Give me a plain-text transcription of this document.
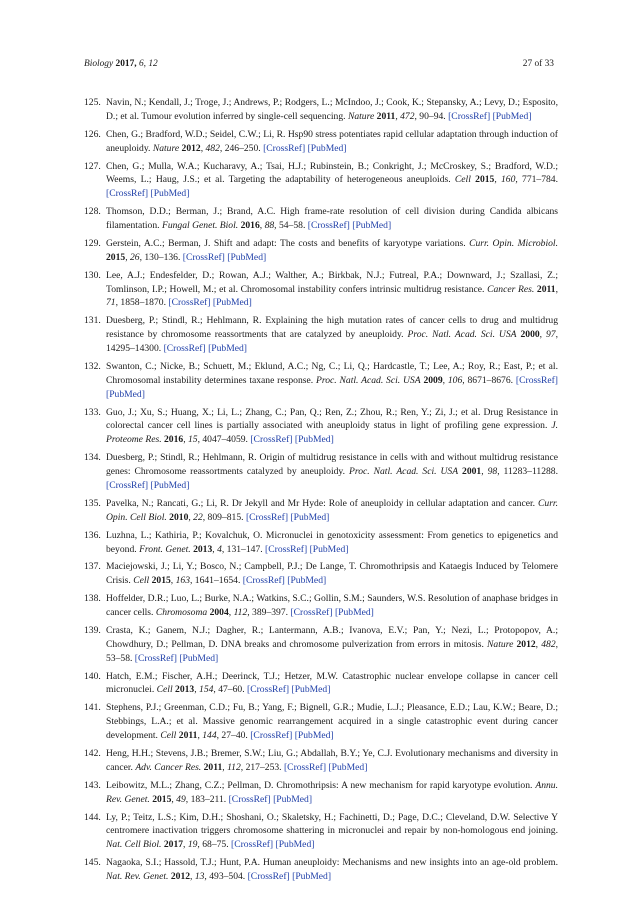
Biology 2017, 6, 12	27 of 33
125. Navin, N.; Kendall, J.; Troge, J.; Andrews, P.; Rodgers, L.; McIndoo, J.; Cook, K.; Stepansky, A.; Levy, D.; Esposito, D.; et al. Tumour evolution inferred by single-cell sequencing. Nature 2011, 472, 90–94. [CrossRef] [PubMed]
126. Chen, G.; Bradford, W.D.; Seidel, C.W.; Li, R. Hsp90 stress potentiates rapid cellular adaptation through induction of aneuploidy. Nature 2012, 482, 246–250. [CrossRef] [PubMed]
127. Chen, G.; Mulla, W.A.; Kucharavy, A.; Tsai, H.J.; Rubinstein, B.; Conkright, J.; McCroskey, S.; Bradford, W.D.; Weems, L.; Haug, J.S.; et al. Targeting the adaptability of heterogeneous aneuploids. Cell 2015, 160, 771–784. [CrossRef] [PubMed]
128. Thomson, D.D.; Berman, J.; Brand, A.C. High frame-rate resolution of cell division during Candida albicans filamentation. Fungal Genet. Biol. 2016, 88, 54–58. [CrossRef] [PubMed]
129. Gerstein, A.C.; Berman, J. Shift and adapt: The costs and benefits of karyotype variations. Curr. Opin. Microbiol. 2015, 26, 130–136. [CrossRef] [PubMed]
130. Lee, A.J.; Endesfelder, D.; Rowan, A.J.; Walther, A.; Birkbak, N.J.; Futreal, P.A.; Downward, J.; Szallasi, Z.; Tomlinson, I.P.; Howell, M.; et al. Chromosomal instability confers intrinsic multidrug resistance. Cancer Res. 2011, 71, 1858–1870. [CrossRef] [PubMed]
131. Duesberg, P.; Stindl, R.; Hehlmann, R. Explaining the high mutation rates of cancer cells to drug and multidrug resistance by chromosome reassortments that are catalyzed by aneuploidy. Proc. Natl. Acad. Sci. USA 2000, 97, 14295–14300. [CrossRef] [PubMed]
132. Swanton, C.; Nicke, B.; Schuett, M.; Eklund, A.C.; Ng, C.; Li, Q.; Hardcastle, T.; Lee, A.; Roy, R.; East, P.; et al. Chromosomal instability determines taxane response. Proc. Natl. Acad. Sci. USA 2009, 106, 8671–8676. [CrossRef] [PubMed]
133. Guo, J.; Xu, S.; Huang, X.; Li, L.; Zhang, C.; Pan, Q.; Ren, Z.; Zhou, R.; Ren, Y.; Zi, J.; et al. Drug Resistance in colorectal cancer cell lines is partially associated with aneuploidy status in light of profiling gene expression. J. Proteome Res. 2016, 15, 4047–4059. [CrossRef] [PubMed]
134. Duesberg, P.; Stindl, R.; Hehlmann, R. Origin of multidrug resistance in cells with and without multidrug resistance genes: Chromosome reassortments catalyzed by aneuploidy. Proc. Natl. Acad. Sci. USA 2001, 98, 11283–11288. [CrossRef] [PubMed]
135. Pavelka, N.; Rancati, G.; Li, R. Dr Jekyll and Mr Hyde: Role of aneuploidy in cellular adaptation and cancer. Curr. Opin. Cell Biol. 2010, 22, 809–815. [CrossRef] [PubMed]
136. Luzhna, L.; Kathiria, P.; Kovalchuk, O. Micronuclei in genotoxicity assessment: From genetics to epigenetics and beyond. Front. Genet. 2013, 4, 131–147. [CrossRef] [PubMed]
137. Maciejowski, J.; Li, Y.; Bosco, N.; Campbell, P.J.; De Lange, T. Chromothripsis and Kataegis Induced by Telomere Crisis. Cell 2015, 163, 1641–1654. [CrossRef] [PubMed]
138. Hoffelder, D.R.; Luo, L.; Burke, N.A.; Watkins, S.C.; Gollin, S.M.; Saunders, W.S. Resolution of anaphase bridges in cancer cells. Chromosoma 2004, 112, 389–397. [CrossRef] [PubMed]
139. Crasta, K.; Ganem, N.J.; Dagher, R.; Lantermann, A.B.; Ivanova, E.V.; Pan, Y.; Nezi, L.; Protopopov, A.; Chowdhury, D.; Pellman, D. DNA breaks and chromosome pulverization from errors in mitosis. Nature 2012, 482, 53–58. [CrossRef] [PubMed]
140. Hatch, E.M.; Fischer, A.H.; Deerinck, T.J.; Hetzer, M.W. Catastrophic nuclear envelope collapse in cancer cell micronuclei. Cell 2013, 154, 47–60. [CrossRef] [PubMed]
141. Stephens, P.J.; Greenman, C.D.; Fu, B.; Yang, F.; Bignell, G.R.; Mudie, L.J.; Pleasance, E.D.; Lau, K.W.; Beare, D.; Stebbings, L.A.; et al. Massive genomic rearrangement acquired in a single catastrophic event during cancer development. Cell 2011, 144, 27–40. [CrossRef] [PubMed]
142. Heng, H.H.; Stevens, J.B.; Bremer, S.W.; Liu, G.; Abdallah, B.Y.; Ye, C.J. Evolutionary mechanisms and diversity in cancer. Adv. Cancer Res. 2011, 112, 217–253. [CrossRef] [PubMed]
143. Leibowitz, M.L.; Zhang, C.Z.; Pellman, D. Chromothripsis: A new mechanism for rapid karyotype evolution. Annu. Rev. Genet. 2015, 49, 183–211. [CrossRef] [PubMed]
144. Ly, P.; Teitz, L.S.; Kim, D.H.; Shoshani, O.; Skaletsky, H.; Fachinetti, D.; Page, D.C.; Cleveland, D.W. Selective Y centromere inactivation triggers chromosome shattering in micronuclei and repair by non-homologous end joining. Nat. Cell Biol. 2017, 19, 68–75. [CrossRef] [PubMed]
145. Nagaoka, S.I.; Hassold, T.J.; Hunt, P.A. Human aneuploidy: Mechanisms and new insights into an age-old problem. Nat. Rev. Genet. 2012, 13, 493–504. [CrossRef] [PubMed]
